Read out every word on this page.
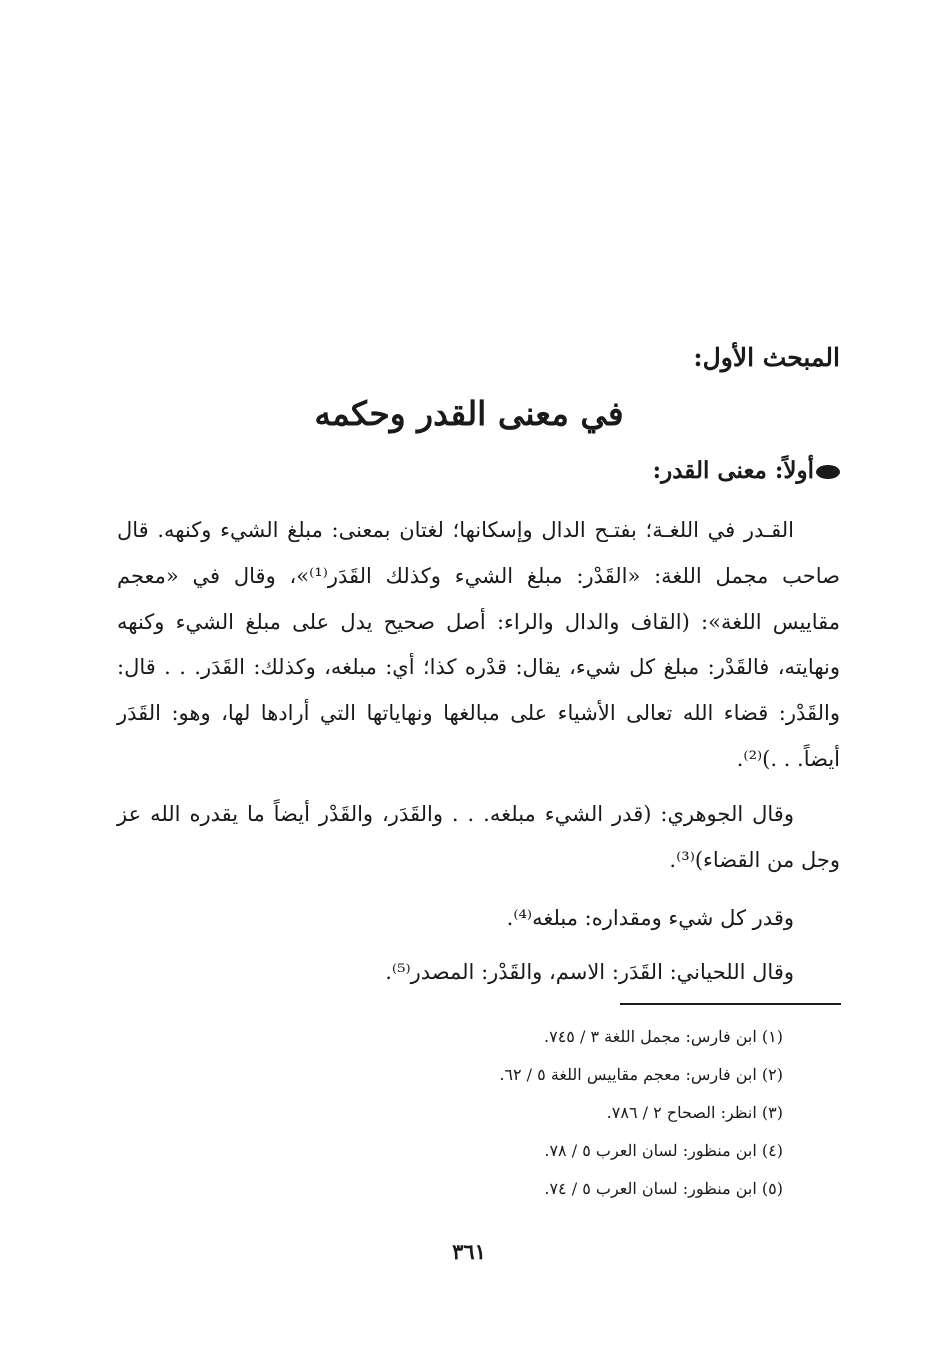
المبحث الأول:
في معنى القدر وحكمه
أولاً: معنى القدر:

القـدر في اللغـة؛ بفتـح الدال وإسكانها؛ لغتان بمعنى: مبلغ الشيء وكنهه. قال صاحب مجمل اللغة: «القَدْر: مبلغ الشيء وكذلك القَدَر⁽¹⁾»، وقال في «معجم مقاييس اللغة»: (القاف والدال والراء: أصل صحيح يدل على مبلغ الشيء وكنهه ونهايته، فالقَدْر: مبلغ كل شيء، يقال: قدْره كذا؛ أي: مبلغه، وكذلك: القَدَر. . . قال: والقَدْر: قضاء الله تعالى الأشياء على مبالغها ونهاياتها التي أرادها لها، وهو: القَدَر أيضاً. . .)⁽²⁾.

وقال الجوهري: (قدر الشيء مبلغه. . . والقَدَر، والقَدْر أيضاً ما يقدره الله عز وجل من القضاء)⁽³⁾.

وقدر كل شيء ومقداره: مبلغه⁽⁴⁾.

وقال اللحياني: القَدَر: الاسم، والقَدْر: المصدر⁽⁵⁾.

(١) ابن فارس: مجمل اللغة ٣ / ٧٤٥.
(٢) ابن فارس: معجم مقاييس اللغة ٥ / ٦٢.
(٣) انظر: الصحاح ٢ / ٧٨٦.
(٤) ابن منظور: لسان العرب ٥ / ٧٨.
(٥) ابن منظور: لسان العرب ٥ / ٧٤.
٣٦١
